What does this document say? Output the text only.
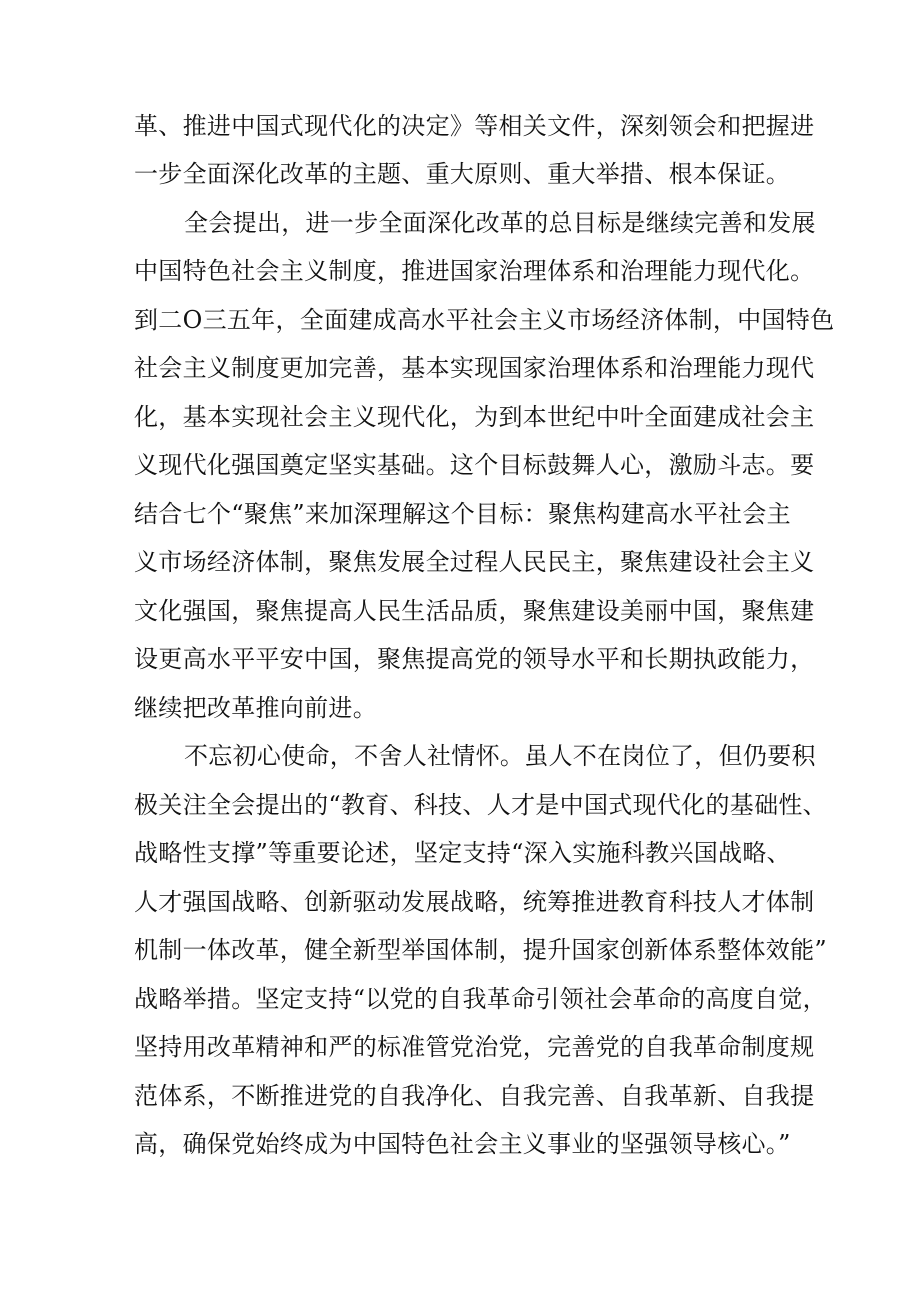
革、推进中国式现代化的决定》等相关文件，深刻领会和把握进
一步全面深化改革的主题、重大原则、重大举措、根本保证。
全会提出，进一步全面深化改革的总目标是继续完善和发展
中国特色社会主义制度，推进国家治理体系和治理能力现代化。
到二O三五年，全面建成高水平社会主义市场经济体制，中国特色
社会主义制度更加完善，基本实现国家治理体系和治理能力现代
化，基本实现社会主义现代化，为到本世纪中叶全面建成社会主
义现代化强国奠定坚实基础。这个目标鼓舞人心，激励斗志。要
结合七个“聚焦”来加深理解这个目标：聚焦构建高水平社会主
义市场经济体制，聚焦发展全过程人民民主，聚焦建设社会主义
文化强国，聚焦提高人民生活品质，聚焦建设美丽中国，聚焦建
设更高水平平安中国，聚焦提高党的领导水平和长期执政能力，
继续把改革推向前进。
不忘初心使命，不舍人社情怀。虽人不在岗位了，但仍要积
极关注全会提出的“教育、科技、人才是中国式现代化的基础性、
战略性支撑”等重要论述，坚定支持“深入实施科教兴国战略、
人才强国战略、创新驱动发展战略，统筹推进教育科技人才体制
机制一体改革，健全新型举国体制，提升国家创新体系整体效能”
战略举措。坚定支持“以党的自我革命引领社会革命的高度自觉，
坚持用改革精神和严的标准管党治党，完善党的自我革命制度规
范体系，不断推进党的自我净化、自我完善、自我革新、自我提
高，确保党始终成为中国特色社会主义事业的坚强领导核心。”
